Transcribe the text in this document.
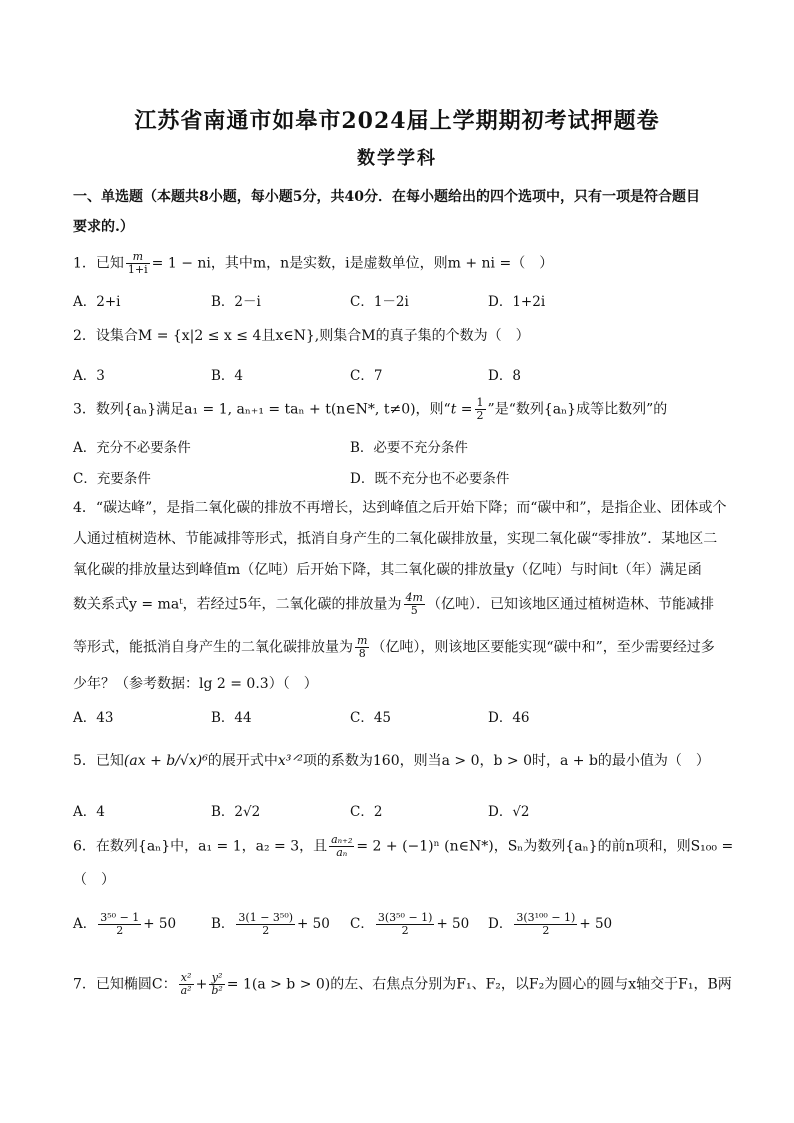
江苏省南通市如皋市2024届上学期期初考试押题卷
数学学科
一、单选题（本题共8小题，每小题5分，共40分．在每小题给出的四个选项中，只有一项是符合题目
要求的.）
1．已知 $\frac{m}{1+i} = 1$ − ni，其中m，n是实数，i是虚数单位，则m + ni =（　）
A．2+i	B．2－i	C．1－2i	D．1+2i
2．设集合M = {x|2 ≤ x ≤ 4且x∈N},则集合M的真子集的个数为（　）
A．3	B．4	C．7	D．8
3．数列{aₙ}满足a₁ = 1, aₙ₊₁ = taₙ + t(n∈N*, t≠0)，则“$t = \frac{1}{2}$ ”是“数列{aₙ}成等比数列”的
A．充分不必要条件	B．必要不充分条件
C．充要条件	D．既不充分也不必要条件
4．“碳达峰”，是指二氧化碳的排放不再增长，达到峰值之后开始下降；而“碳中和”，是指企业、团体或个
人通过植树造林、节能减排等形式，抵消自身产生的二氧化碳排放量，实现二氧化碳“零排放”．某地区二
氧化碳的排放量达到峰值m（亿吨）后开始下降，其二氧化碳的排放量y（亿吨）与时间t（年）满足函
数关系式y = maᵗ，若经过5年，二氧化碳的排放量为 $\frac{4m}{5}$ （亿吨）．已知该地区通过植树造林、节能减排
等形式，能抵消自身产生的二氧化碳排放量为 $\frac{m}{8}$ （亿吨），则该地区要能实现“碳中和”，至少需要经过多
少年？（参考数据：lg 2 = 0.3）（　）
A．43	B．44	C．45	D．46
5．已知(ax + b/√x)⁶的展开式中x³ᐟ²项的系数为160，则当a > 0，b > 0时，a + b的最小值为（　）
A．4	B．2√2	C．2	D．√2
6．在数列{aₙ}中，a₁ = 1，a₂ = 3，且 $\frac{\text{aₙ₊₂}}{\text{aₙ}} = 2 + (-1)^n$ (n∈N*)，Sₙ为数列{aₙ}的前n项和，则S₁₀₀ =
（　）
A． $\frac{\text{3⁵⁰ − 1}}{2} + 50$	B． $\frac{\text{3(1 − 3⁵⁰)}}{2} + 50$ C． $\frac{\text{3(3⁵⁰ − 1)}}{2} + 50$ D． $\frac{\text{3(3¹⁰⁰ − 1)}}{2} + 50$
7．已知椭圆C： $\frac{\text{x²}}{\text{a²}} + \frac{\text{y²}}{\text{b²}} = 1(a > b > 0)$的左、右焦点分别为F₁、F₂，以F₂为圆心的圆与x轴交于F₁，B两
